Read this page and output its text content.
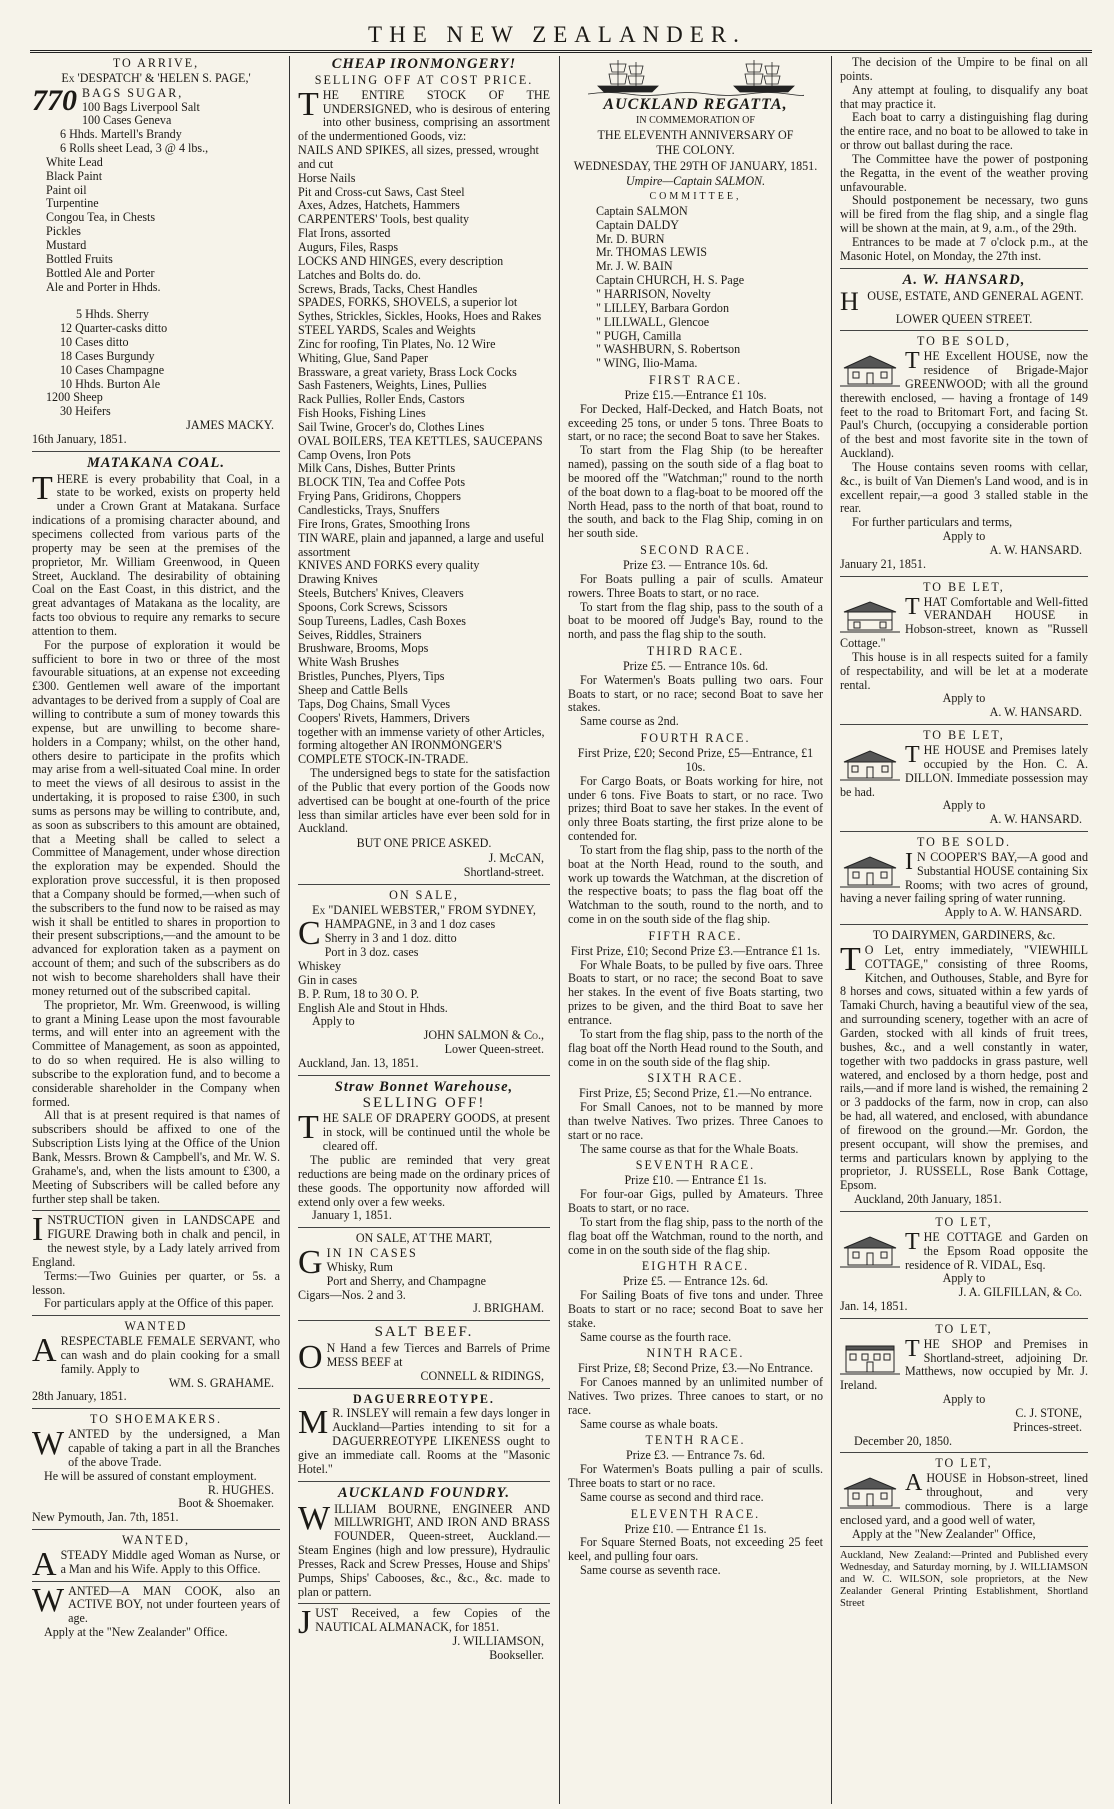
THE NEW ZEALANDER.
TO ARRIVE,
Ex 'DESPATCH' & 'HELEN S. PAGE,'
770 BAGS SUGAR,
100 Bags Liverpool Salt
100 Cases Geneva
6 Hhds. Martell's Brandy
6 Rolls sheet Lead, 3 @ 4 lbs.,
White Lead
Black Paint
Paint oil
Turpentine
Congou Tea, in Chests
Pickles
Mustard
Bottled Fruits
Bottled Ale and Porter
Ale and Porter in Hhds.
5 Hhds. Sherry
12 Quarter-casks ditto
10 Cases ditto
18 Cases Burgundy
10 Cases Champagne
10 Hhds. Burton Ale
1200 Sheep
30 Heifers
JAMES MACKY.
16th January, 1851.
MATAKANA COAL.

THERE is every probability that Coal, in a state to be worked, exists on property held under a Crown Grant at Matakana. Surface indications of a promising character abound, and specimens collected from various parts of the property may be seen at the premises of the proprietor, Mr. William Greenwood, in Queen Street, Auckland. The desirability of obtaining Coal on the East Coast, in this district, and the great advantages of Matakana as the locality, are facts too obvious to require any remarks to secure attention to them.

For the purpose of exploration it would be sufficient to bore in two or three of the most favourable situations, at an expense not exceeding £300. Gentlemen well aware of the important advantages to be derived from a supply of Coal are willing to contribute a sum of money towards this expense, but are unwilling to become share-holders in a Company; whilst, on the other hand, others desire to participate in the profits which may arise from a well-situated Coal mine. In order to meet the views of all desirous to assist in the undertaking, it is proposed to raise £300, in such sums as persons may be willing to contribute, and, as soon as subscribers to this amount are obtained, that a Meeting shall be called to select a Committee of Management, under whose direction the exploration may be expended. Should the exploration prove successful, it is then proposed that a Company should be formed,—when such of the subscribers to the fund now to be raised as may wish it shall be entitled to shares in proportion to their present subscriptions,—and the amount to be advanced for exploration taken as a payment on account of them; and such of the subscribers as do not wish to become shareholders shall have their money returned out of the subscribed capital.

The proprietor, Mr. Wm. Greenwood, is willing to grant a Mining Lease upon the most favourable terms, and will enter into an agreement with the Committee of Management, as soon as appointed, to do so when required. He is also willing to subscribe to the exploration fund, and to become a considerable shareholder in the Company when formed.

All that is at present required is that names of subscribers should be affixed to one of the Subscription Lists lying at the Office of the Union Bank, Messrs. Brown & Campbell's, and Mr. W. S. Grahame's, and, when the lists amount to £300, a Meeting of Subscribers will be called before any further step shall be taken.

INSTRUCTION given in LANDSCAPE and FIGURE Drawing both in chalk and pencil, in the newest style, by a Lady lately arrived from England.

Terms:—Two Guinies per quarter, or 5s. a lesson.

For particulars apply at the Office of this paper.

WANTED

ARESPECTABLE FEMALE SERVANT, who can wash and do plain cooking for a small family. Apply to

WM. S. GRAHAME.
28th January, 1851.
TO SHOEMAKERS.

WANTED by the undersigned, a Man capable of taking a part in all the Branches of the above Trade.

He will be assured of constant employment.

R. HUGHES.
Boot & Shoemaker.
New Pymouth, Jan. 7th, 1851.
WANTED,

ASTEADY Middle aged Woman as Nurse, or a Man and his Wife. Apply to this Office.

WANTED—A MAN COOK, also an ACTIVE BOY, not under fourteen years of age.

Apply at the "New Zealander" Office.

CHEAP IRONMONGERY!
SELLING OFF AT COST PRICE.

THE ENTIRE STOCK OF THE UNDERSIGNED, who is desirous of entering into other business, comprising an assortment of the undermentioned Goods, viz:

NAILS AND SPIKES, all sizes, pressed, wrought and cut
Horse Nails
Pit and Cross-cut Saws, Cast Steel
Axes, Adzes, Hatchets, Hammers
CARPENTERS' Tools, best quality
Flat Irons, assorted
Augurs, Files, Rasps
LOCKS AND HINGES, every description
Latches and Bolts do. do.
Screws, Brads, Tacks, Chest Handles
SPADES, FORKS, SHOVELS, a superior lot
Sythes, Strickles, Sickles, Hooks, Hoes and Rakes
STEEL YARDS, Scales and Weights
Zinc for roofing, Tin Plates, No. 12 Wire
Whiting, Glue, Sand Paper
Brassware, a great variety, Brass Lock Cocks
Sash Fasteners, Weights, Lines, Pullies
Rack Pullies, Roller Ends, Castors
Fish Hooks, Fishing Lines
Sail Twine, Grocer's do, Clothes Lines
OVAL BOILERS, TEA KETTLES, SAUCEPANS
Camp Ovens, Iron Pots
Milk Cans, Dishes, Butter Prints
BLOCK TIN, Tea and Coffee Pots
Frying Pans, Gridirons, Choppers
Candlesticks, Trays, Snuffers
Fire Irons, Grates, Smoothing Irons
TIN WARE, plain and japanned, a large and useful assortment
KNIVES AND FORKS every quality
Drawing Knives
Steels, Butchers' Knives, Cleavers
Spoons, Cork Screws, Scissors
Soup Tureens, Ladles, Cash Boxes
Seives, Riddles, Strainers
Brushware, Brooms, Mops
White Wash Brushes
Bristles, Punches, Plyers, Tips
Sheep and Cattle Bells
Taps, Dog Chains, Small Vyces
Coopers' Rivets, Hammers, Drivers
together with an immense variety of other Articles, forming altogether AN IRONMONGER'S COMPLETE STOCK-IN-TRADE.

The undersigned begs to state for the satisfaction of the Public that every portion of the Goods now advertised can be bought at one-fourth of the price less than similar articles have ever been sold for in Auckland.

BUT ONE PRICE ASKED.
J. McCAN,
Shortland-street.
ON SALE,
Ex "DANIEL WEBSTER," FROM SYDNEY,
C HAMPAGNE, in 3 and 1 doz cases
Sherry in 3 and 1 doz. ditto
Port in 3 doz. cases
Whiskey
Gin in cases
B. P. Rum, 18 to 30 O. P.
English Ale and Stout in Hhds.
Apply to
JOHN SALMON & Co.,
Lower Queen-street.
Auckland, Jan. 13, 1851.
Straw Bonnet Warehouse,
SELLING OFF!

THE SALE OF DRAPERY GOODS, at present in stock, will be continued until the whole be cleared off.

The public are reminded that very great reductions are being made on the ordinary prices of these goods. The opportunity now afforded will extend only over a few weeks.

January 1, 1851.
ON SALE, AT THE MART,
G IN IN CASES
Whisky, Rum
Port and Sherry, and Champagne
Cigars—Nos. 2 and 3.
J. BRIGHAM.
SALT BEEF.

O N Hand a few Tierces and Barrels of Prime MESS BEEF at

CONNELL & RIDINGS,
DAGUERREOTYPE.

M R. INSLEY will remain a few days longer in Auckland—Parties intending to sit for a DAGUERREOTYPE LIKENESS ought to give an immediate call. Rooms at the "Masonic Hotel."

AUCKLAND FOUNDRY.

WILLIAM BOURNE, ENGINEER AND MILLWRIGHT, AND IRON AND BRASS FOUNDER, Queen-street, Auckland.—Steam Engines (high and low pressure), Hydraulic Presses, Rack and Screw Presses, House and Ships' Pumps, Ships' Cabooses, &c., &c., &c. made to plan or pattern.

JUST Received, a few Copies of the NAUTICAL ALMANACK, for 1851.

J. WILLIAMSON,
Bookseller.
AUCKLAND REGATTA,
IN COMMEMORATION OF
THE ELEVENTH ANNIVERSARY OF
THE COLONY.
WEDNESDAY, THE 29TH OF JANUARY, 1851.
Umpire—Captain SALMON.
COMMITTEE,
Captain SALMON
Captain DALDY
Mr. D. BURN
Mr. THOMAS LEWIS
Mr. J. W. BAIN
Captain CHURCH, H. S. Page
" HARRISON, Novelty
" LILLEY, Barbara Gordon
" LILLWALL, Glencoe
" PUGH, Camilla
" WASHBURN, S. Robertson
" WING, Ilio-Mama.
FIRST RACE.
Prize £15.—Entrance £1 10s.

For Decked, Half-Decked, and Hatch Boats, not exceeding 25 tons, or under 5 tons. Three Boats to start, or no race; the second Boat to save her Stakes.

To start from the Flag Ship (to be hereafter named), passing on the south side of a flag boat to be moored off the "Watchman;" round to the north of the boat down to a flag-boat to be moored off the North Head, pass to the north of that boat, round to the south, and back to the Flag Ship, coming in on her south side.

SECOND RACE.
Prize £3. — Entrance 10s. 6d.

For Boats pulling a pair of sculls. Amateur rowers. Three Boats to start, or no race.

To start from the flag ship, pass to the south of a boat to be moored off Judge's Bay, round to the north, and pass the flag ship to the south.

THIRD RACE.
Prize £5. — Entrance 10s. 6d.

For Watermen's Boats pulling two oars. Four Boats to start, or no race; second Boat to save her stakes.

Same course as 2nd.

FOURTH RACE.
First Prize, £20; Second Prize, £5—Entrance, £1 10s.

For Cargo Boats, or Boats working for hire, not under 6 tons. Five Boats to start, or no race. Two prizes; third Boat to save her stakes. In the event of only three Boats starting, the first prize alone to be contended for.

To start from the flag ship, pass to the north of the boat at the North Head, round to the south, and work up towards the Watchman, at the discretion of the respective boats; to pass the flag boat off the Watchman to the south, round to the north, and to come in on the south side of the flag ship.

FIFTH RACE.
First Prize, £10; Second Prize £3.—Entrance £1 1s.

For Whale Boats, to be pulled by five oars. Three Boats to start, or no race; the second Boat to save her stakes. In the event of five Boats starting, two prizes to be given, and the third Boat to save her entrance.

To start from the flag ship, pass to the north of the flag boat off the North Head round to the South, and come in on the south side of the flag ship.

SIXTH RACE.
First Prize, £5; Second Prize, £1.—No entrance.

For Small Canoes, not to be manned by more than twelve Natives. Two prizes. Three Canoes to start or no race.

The same course as that for the Whale Boats.

SEVENTH RACE.
Prize £10. — Entrance £1 1s.

For four-oar Gigs, pulled by Amateurs. Three Boats to start, or no race.

To start from the flag ship, pass to the north of the flag boat off the Watchman, round to the north, and come in on the south side of the flag ship.

EIGHTH RACE.
Prize £5. — Entrance 12s. 6d.

For Sailing Boats of five tons and under. Three Boats to start or no race; second Boat to save her stake.

Same course as the fourth race.

NINTH RACE.
First Prize, £8; Second Prize, £3.—No Entrance.

For Canoes manned by an unlimited number of Natives. Two prizes. Three canoes to start, or no race.

Same course as whale boats.

TENTH RACE.
Prize £3. — Entrance 7s. 6d.

For Watermen's Boats pulling a pair of sculls. Three boats to start or no race.

Same course as second and third race.

ELEVENTH RACE.
Prize £10. — Entrance £1 1s.

For Square Sterned Boats, not exceeding 25 feet keel, and pulling four oars.

Same course as seventh race.

The decision of the Umpire to be final on all points.

Any attempt at fouling, to disqualify any boat that may practice it.

Each boat to carry a distinguishing flag during the entire race, and no boat to be allowed to take in or throw out ballast during the race.

The Committee have the power of postponing the Regatta, in the event of the weather proving unfavourable.

Should postponement be necessary, two guns will be fired from the flag ship, and a single flag will be shown at the main, at 9, a.m., of the 29th.

Entrances to be made at 7 o'clock p.m., at the Masonic Hotel, on Monday, the 27th inst.

A. W. HANSARD,
HOUSE, ESTATE, AND GENERAL AGENT.
LOWER QUEEN STREET.
TO BE SOLD,

THE Excellent HOUSE, now the residence of Brigade-Major GREENWOOD; with all the ground therewith enclosed, — having a frontage of 149 feet to the road to Britomart Fort, and facing St. Paul's Church, (occupying a considerable portion of the best and most favorite site in the town of Auckland).

The House contains seven rooms with cellar, &c., is built of Van Diemen's Land wood, and is in excellent repair,—a good 3 stalled stable in the rear.

For further particulars and terms,

Apply to
A. W. HANSARD.
January 21, 1851.
TO BE LET,

THAT Comfortable and Well-fitted VERANDAH HOUSE in Hobson-street, known as "Russell Cottage."

This house is in all respects suited for a family of respectability, and will be let at a moderate rental.

Apply to
A. W. HANSARD.
TO BE LET,

THE HOUSE and Premises lately occupied by the Hon. C. A. DILLON. Immediate possession may be had.

Apply to
A. W. HANSARD.
TO BE SOLD.

I N COOPER'S BAY,—A good and Substantial HOUSE containing Six Rooms; with two acres of ground, having a never failing spring of water running.

Apply to A. W. HANSARD.
TO DAIRYMEN, GARDINERS, &c.

T O Let, entry immediately, "VIEWHILL COTTAGE," consisting of three Rooms, Kitchen, and Outhouses, Stable, and Byre for 8 horses and cows, situated within a few yards of Tamaki Church, having a beautiful view of the sea, and surrounding scenery, together with an acre of Garden, stocked with all kinds of fruit trees, bushes, &c., and a well constantly in water, together with two paddocks in grass pasture, well watered, and enclosed by a thorn hedge, post and rails,—and if more land is wished, the remaining 2 or 3 paddocks of the farm, now in crop, can also be had, all watered, and enclosed, with abundance of firewood on the ground.—Mr. Gordon, the present occupant, will show the premises, and terms and particulars known by applying to the proprietor, J. RUSSELL, Rose Bank Cottage, Epsom.

Auckland, 20th January, 1851.
TO LET,

THE COTTAGE and Garden on the Epsom Road opposite the residence of R. VIDAL, Esq.

Apply to
J. A. GILFILLAN, & Co.
Jan. 14, 1851.
TO LET,

THE SHOP and Premises in Shortland-street, adjoining Dr. Matthews, now occupied by Mr. J. Ireland.

Apply to
C. J. STONE,
Princes-street.
December 20, 1850.
TO LET,

AHOUSE in Hobson-street, lined throughout, and very commodious. There is a large enclosed yard, and a good well of water,

Apply at the "New Zealander" Office,

Auckland, New Zealand:—Printed and Published every Wednesday, and Saturday morning, by J. WILLIAMSON and W. C. WILSON, sole proprietors, at the New Zealander General Printing Establishment, Shortland Street
